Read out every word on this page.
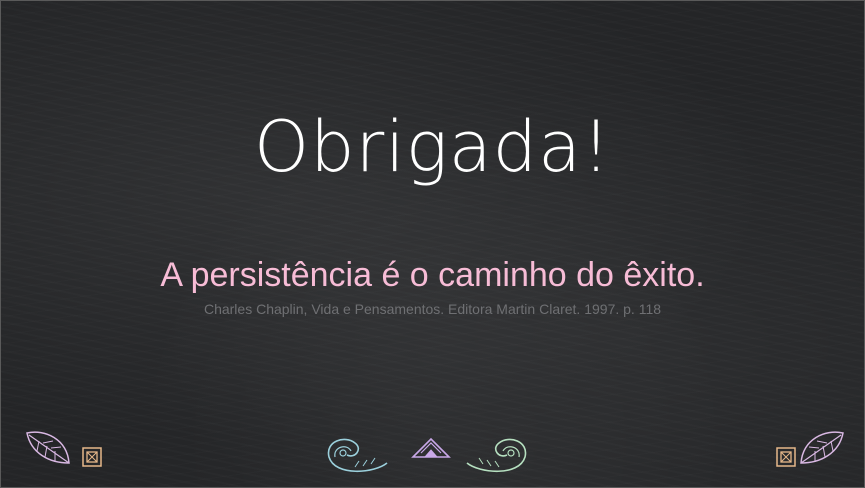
Obrigada!
A persistência é o caminho do êxito.
Charles Chaplin, Vida e Pensamentos. Editora Martin Claret. 1997. p. 118
